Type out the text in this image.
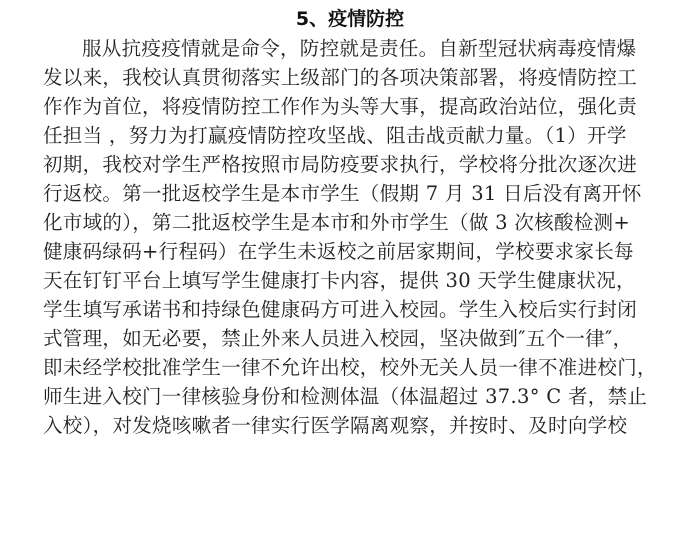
5、疫情防控
服从抗疫疫情就是命令，防控就是责任。自新型冠状病毒疫情爆
发以来，我校认真贯彻落实上级部门的各项决策部署，将疫情防控工
作作为首位，将疫情防控工作作为头等大事，提高政治站位，强化责
任担当 ，努力为打赢疫情防控攻坚战、阻击战贡献力量。（1）开学
初期，我校对学生严格按照市局防疫要求执行，学校将分批次逐次进
行返校。第一批返校学生是本市学生（假期 7 月 31 日后没有离开怀
化市域的），第二批返校学生是本市和外市学生（做 3 次核酸检测+
健康码绿码+行程码）在学生未返校之前居家期间，学校要求家长每
天在钉钉平台上填写学生健康打卡内容，提供 30 天学生健康状况，
学生填写承诺书和持绿色健康码方可进入校园。学生入校后实行封闭
式管理，如无必要，禁止外来人员进入校园，坚决做到″五个一律″，
即未经学校批准学生一律不允许出校，校外无关人员一律不准进校门，
师生进入校门一律核验身份和检测体温（体温超过 37.3° C 者，禁止
入校），对发烧咳嗽者一律实行医学隔离观察，并按时、及时向学校
